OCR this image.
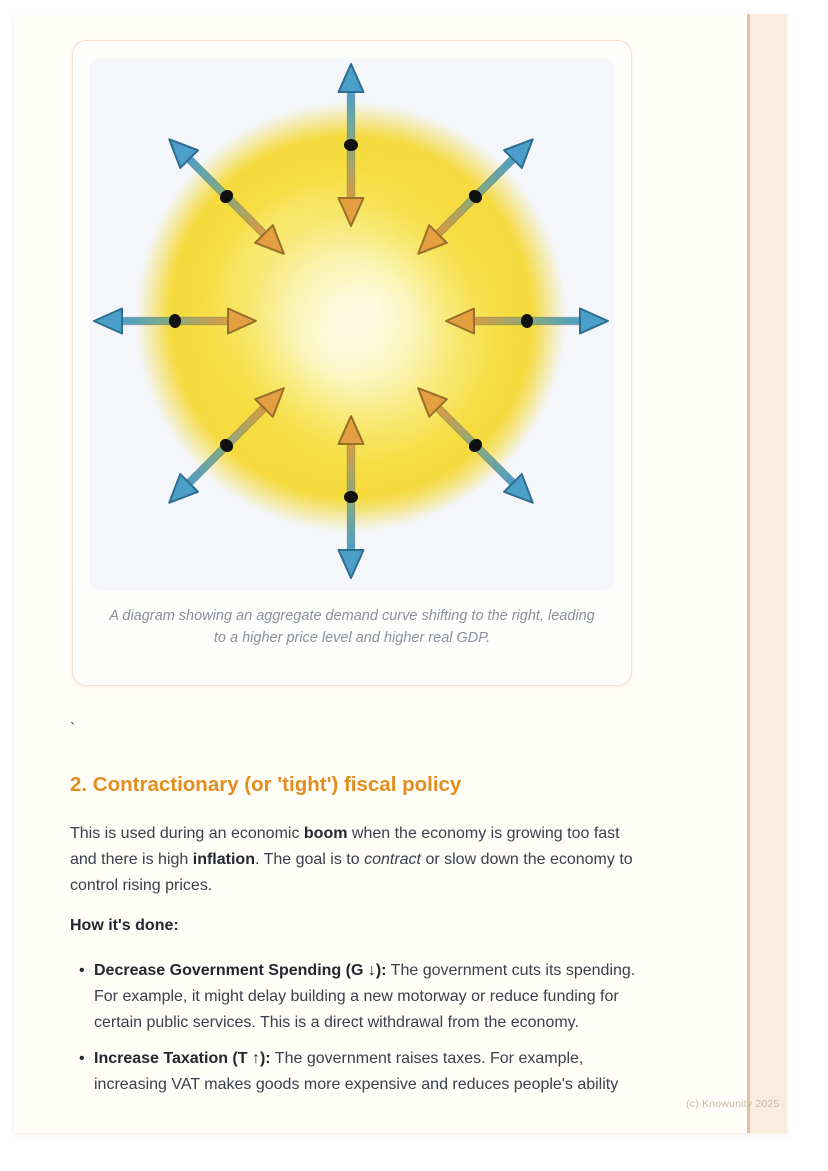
A diagram showing an aggregate demand curve shifting to the right, leading to a higher price level and higher real GDP.

`

2. Contractionary (or 'tight') fiscal policy

This is used during an economic boom when the economy is growing too fast and there is high inflation. The goal is to contract or slow down the economy to control rising prices.

How it's done:

• Decrease Government Spending (G ↓): The government cuts its spending. For example, it might delay building a new motorway or reduce funding for certain public services. This is a direct withdrawal from the economy.
• Increase Taxation (T ↑): The government raises taxes. For example, increasing VAT makes goods more expensive and reduces people's ability
(c) Knowunity 2025
